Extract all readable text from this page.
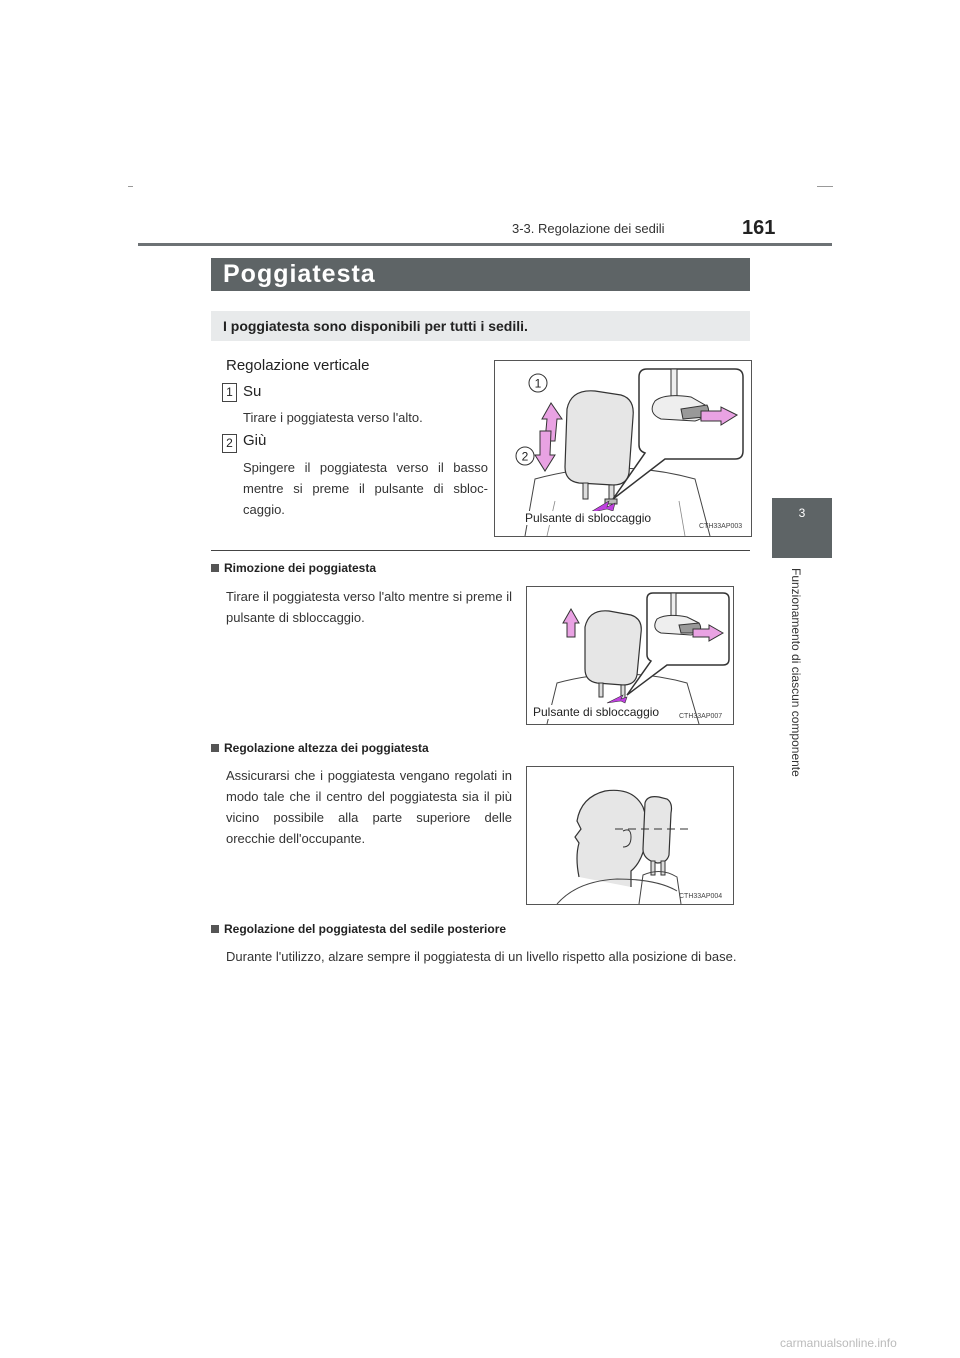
3-3. Regolazione dei sedili	161
3
Funzionamento di ciascun componente
Poggiatesta
I poggiatesta sono disponibili per tutti i sedili.
Regolazione verticale
1 Su
Tirare i poggiatesta verso l'alto.
2 Giù
Spingere il poggiatesta verso il basso mentre si preme il pulsante di sbloc-caggio.
1
2
Pulsante di sbloccaggio
CTH33AP003
Rimozione dei poggiatesta
Tirare il poggiatesta verso l'alto mentre si preme il pulsante di sbloccaggio.
Pulsante di sbloccaggio	CTH33AP007
Regolazione altezza dei poggiatesta
Assicurarsi che i poggiatesta vengano regolati in modo tale che il centro del poggiatesta sia il più vicino possibile alla parte superiore delle orecchie dell'occupante.
CTH33AP004
Regolazione del poggiatesta del sedile posteriore
Durante l'utilizzo, alzare sempre il poggiatesta di un livello rispetto alla posizione di base.
carmanualsonline.info
